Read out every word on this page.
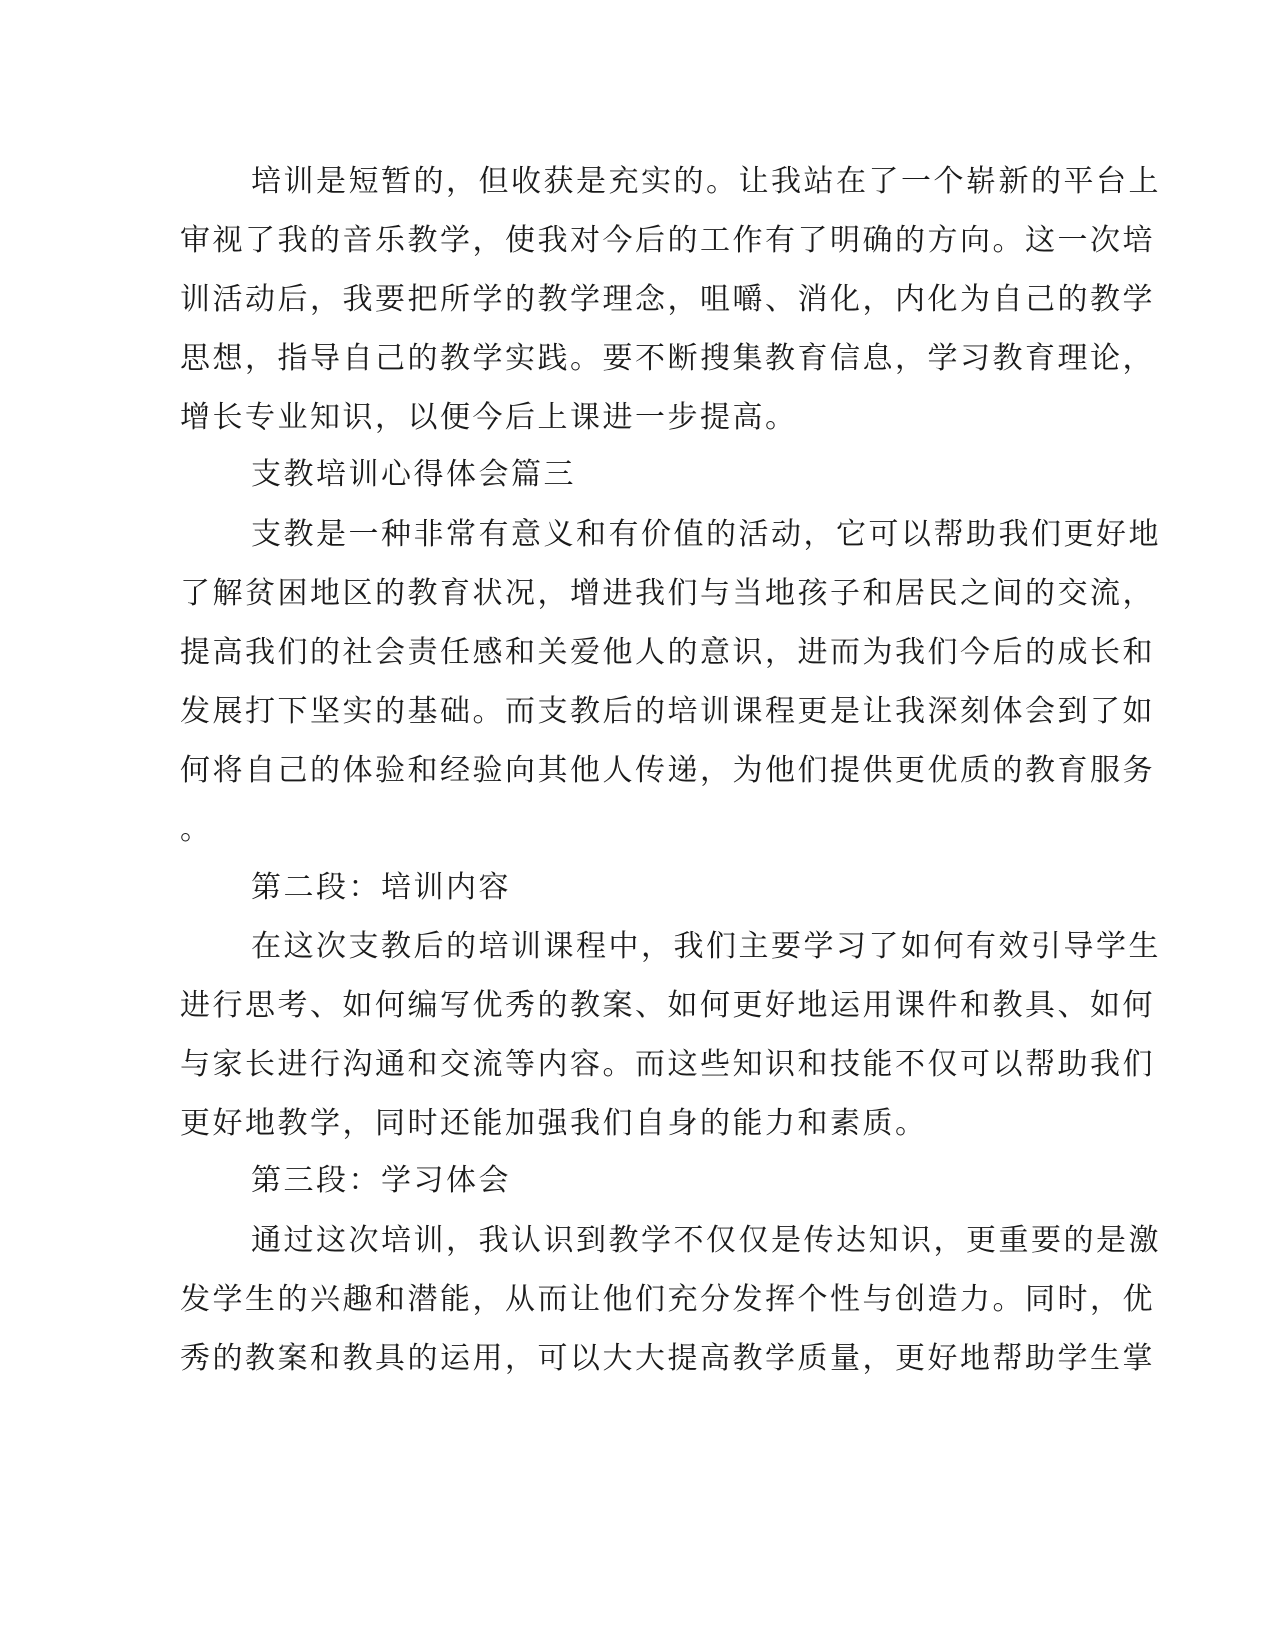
培训是短暂的，但收获是充实的。让我站在了一个崭新的平台上
审视了我的音乐教学，使我对今后的工作有了明确的方向。这一次培
训活动后，我要把所学的教学理念，咀嚼、消化，内化为自己的教学
思想，指导自己的教学实践。要不断搜集教育信息，学习教育理论，
增长专业知识，以便今后上课进一步提高。
支教培训心得体会篇三
支教是一种非常有意义和有价值的活动，它可以帮助我们更好地
了解贫困地区的教育状况，增进我们与当地孩子和居民之间的交流，
提高我们的社会责任感和关爱他人的意识，进而为我们今后的成长和
发展打下坚实的基础。而支教后的培训课程更是让我深刻体会到了如
何将自己的体验和经验向其他人传递，为他们提供更优质的教育服务
。
第二段：培训内容
在这次支教后的培训课程中，我们主要学习了如何有效引导学生
进行思考、如何编写优秀的教案、如何更好地运用课件和教具、如何
与家长进行沟通和交流等内容。而这些知识和技能不仅可以帮助我们
更好地教学，同时还能加强我们自身的能力和素质。
第三段：学习体会
通过这次培训，我认识到教学不仅仅是传达知识，更重要的是激
发学生的兴趣和潜能，从而让他们充分发挥个性与创造力。同时，优
秀的教案和教具的运用，可以大大提高教学质量，更好地帮助学生掌
